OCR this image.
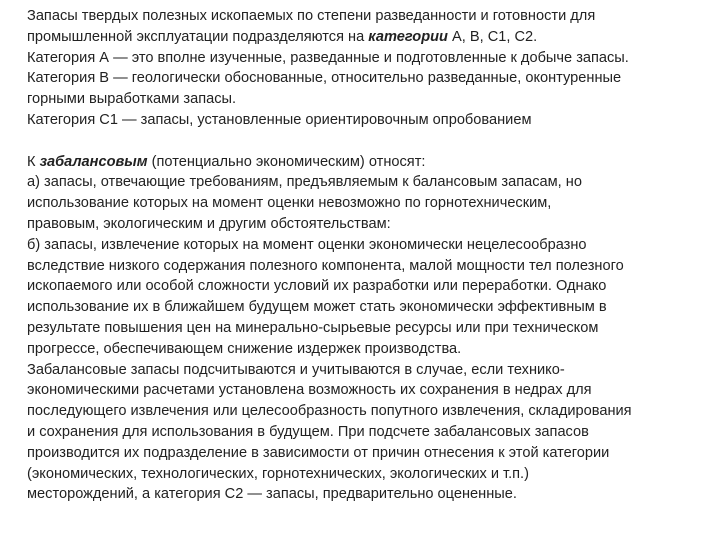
Запасы твердых полезных ископаемых по степени разведанности и готовности для
промышленной эксплуатации подразделяются на категории А, В, С1, С2.
Категория А — это вполне изученные, разведанные и подготовленные к добыче запасы.
Категория В — геологически обоснованные, относительно разведанные, оконтуренные
горными выработками запасы.
Категория С1 — запасы, установленные ориентировочным опробованием
К забалансовым (потенциально экономическим) относят:
а) запасы, отвечающие требованиям, предъявляемым к балансовым запасам, но
использование которых на момент оценки невозможно по горнотехническим,
правовым, экологическим и другим обстоятельствам:
б) запасы, извлечение которых на момент оценки экономически нецелесообразно
вследствие низкого содержания полезного компонента, малой мощности тел полезного
ископаемого или особой сложности условий их разработки или переработки. Однако
использование их в ближайшем будущем может стать экономически эффективным в
результате повышения цен на минерально-сырьевые ресурсы или при техническом
прогрессе, обеспечивающем снижение издержек производства.
Забалансовые запасы подсчитываются и учитываются в случае, если технико-
экономическими расчетами установлена возможность их сохранения в недрах для
последующего извлечения или целесообразность попутного извлечения, складирования
и сохранения для использования в будущем. При подсчете забалансовых запасов
производится их подразделение в зависимости от причин отнесения к этой категории
(экономических, технологических, горнотехнических, экологических и т.п.)
месторождений, а категория С2 — запасы, предварительно оцененные.
